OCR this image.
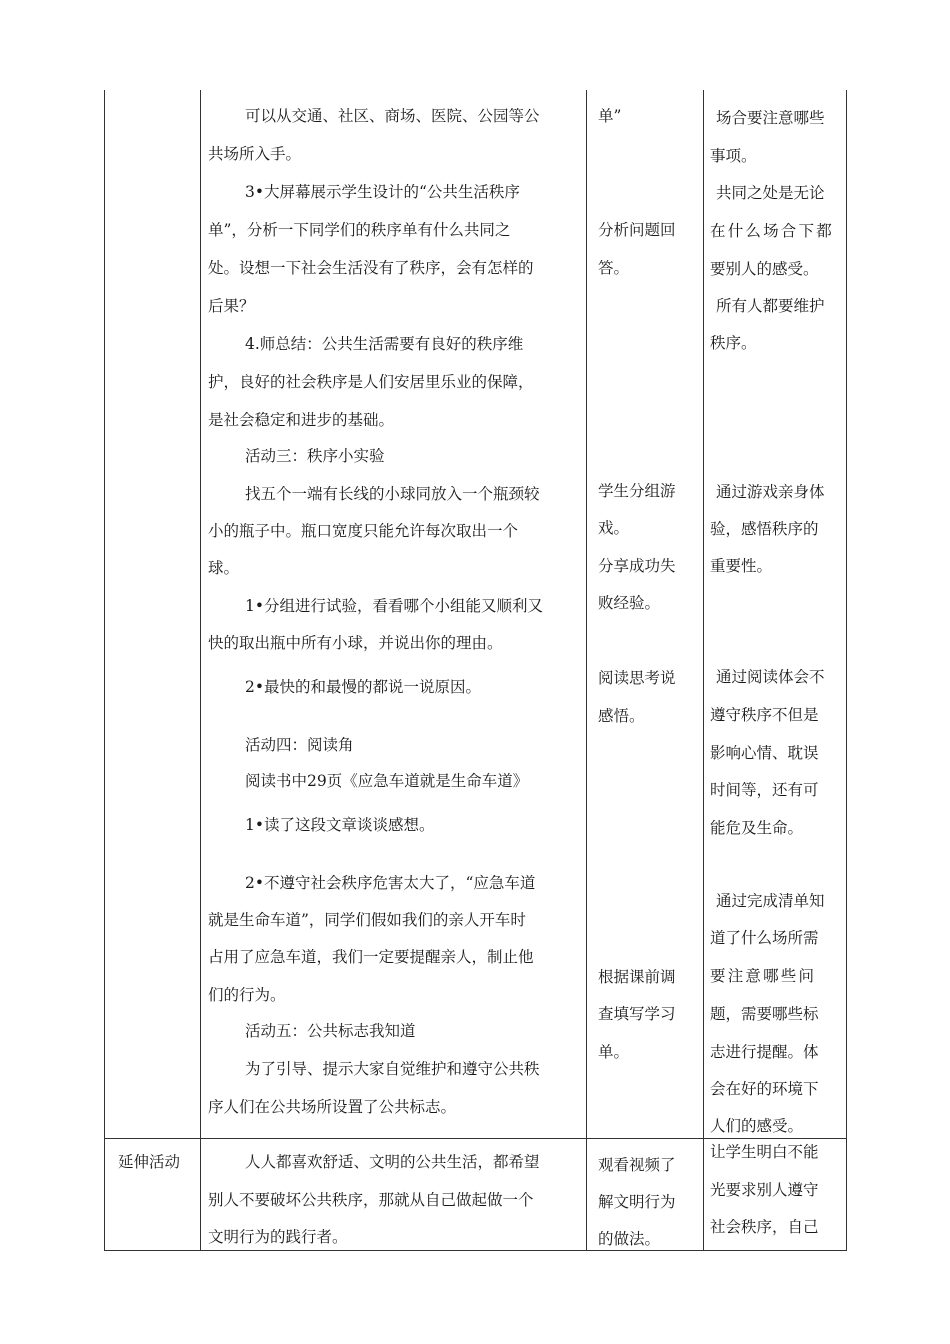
延伸活动
可以从交通、社区、商场、医院、公园等公
共场所入手。
3•大屏幕展示学生设计的“公共生活秩序
单”，分析一下同学们的秩序单有什么共同之
处。设想一下社会生活没有了秩序，会有怎样的
后果？
4.师总结：公共生活需要有良好的秩序维
护，良好的社会秩序是人们安居里乐业的保障，
是社会稳定和进步的基础。
活动三：秩序小实验
找五个一端有长线的小球同放入一个瓶颈较
小的瓶子中。瓶口宽度只能允许每次取出一个
球。
1•分组进行试验，看看哪个小组能又顺利又
快的取出瓶中所有小球，并说出你的理由。
2•最快的和最慢的都说一说原因。
活动四：阅读角
阅读书中29页《应急车道就是生命车道》
1•读了这段文章谈谈感想。
2•不遵守社会秩序危害太大了，“应急车道
就是生命车道”，同学们假如我们的亲人开车时
占用了应急车道，我们一定要提醒亲人，制止他
们的行为。
活动五：公共标志我知道
为了引导、提示大家自觉维护和遵守公共秩
序人们在公共场所设置了公共标志。
人人都喜欢舒适、文明的公共生活，都希望
别人不要破坏公共秩序，那就从自己做起做一个
文明行为的践行者。
单”
分析问题回
答。
学生分组游
戏。
分享成功失
败经验。
阅读思考说
感悟。
根据课前调
查填写学习
单。
观看视频了
解文明行为
的做法。
场合要注意哪些
事项。
共同之处是无论
在什么场合下都
要别人的感受。
所有人都要维护
秩序。
通过游戏亲身体
验，感悟秩序的
重要性。
通过阅读体会不
遵守秩序不但是
影响心情、耽误
时间等，还有可
能危及生命。
通过完成清单知
道了什么场所需
要注意哪些问
题，需要哪些标
志进行提醒。体
会在好的环境下
人们的感受。
让学生明白不能
光要求别人遵守
社会秩序，自己
